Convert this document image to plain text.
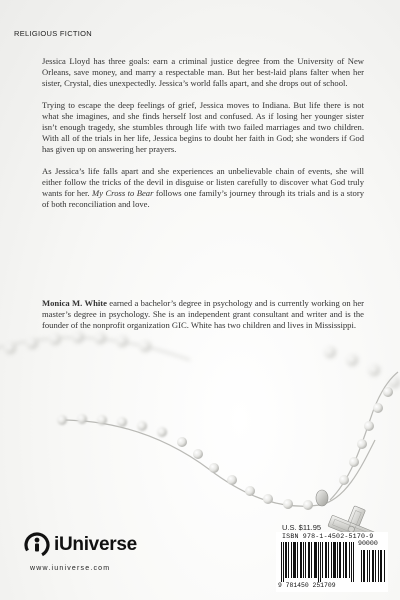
RELIGIOUS FICTION

Jessica Lloyd has three goals: earn a criminal justice degree from the University of New Orleans, save money, and marry a respectable man. But her best-laid plans falter when her sister, Crystal, dies unexpectedly. Jessica’s world falls apart, and she drops out of school.

Trying to escape the deep feelings of grief, Jessica moves to Indiana. But life there is not what she imagines, and she finds herself lost and confused. As if losing her younger sister isn’t enough tragedy, she stumbles through life with two failed marriages and two children. With all of the trials in her life, Jessica begins to doubt her faith in God; she wonders if God has given up on answering her prayers.

As Jessica’s life falls apart and she experiences an unbelievable chain of events, she will either follow the tricks of the devil in disguise or listen carefully to discover what God truly wants for her. My Cross to Bear follows one family’s journey through its trials and is a story of both reconciliation and love.

Monica M. White earned a bachelor’s degree in psychology and is currently working on her master’s degree in psychology. She is an independent grant consultant and writer and is the founder of the nonprofit organization GIC. White has two children and lives in Mississippi.

U.S. $11.95
ISBN 978-1-4502-5170-9
90000
9 781450 251709
iUniverse
www.iuniverse.com
